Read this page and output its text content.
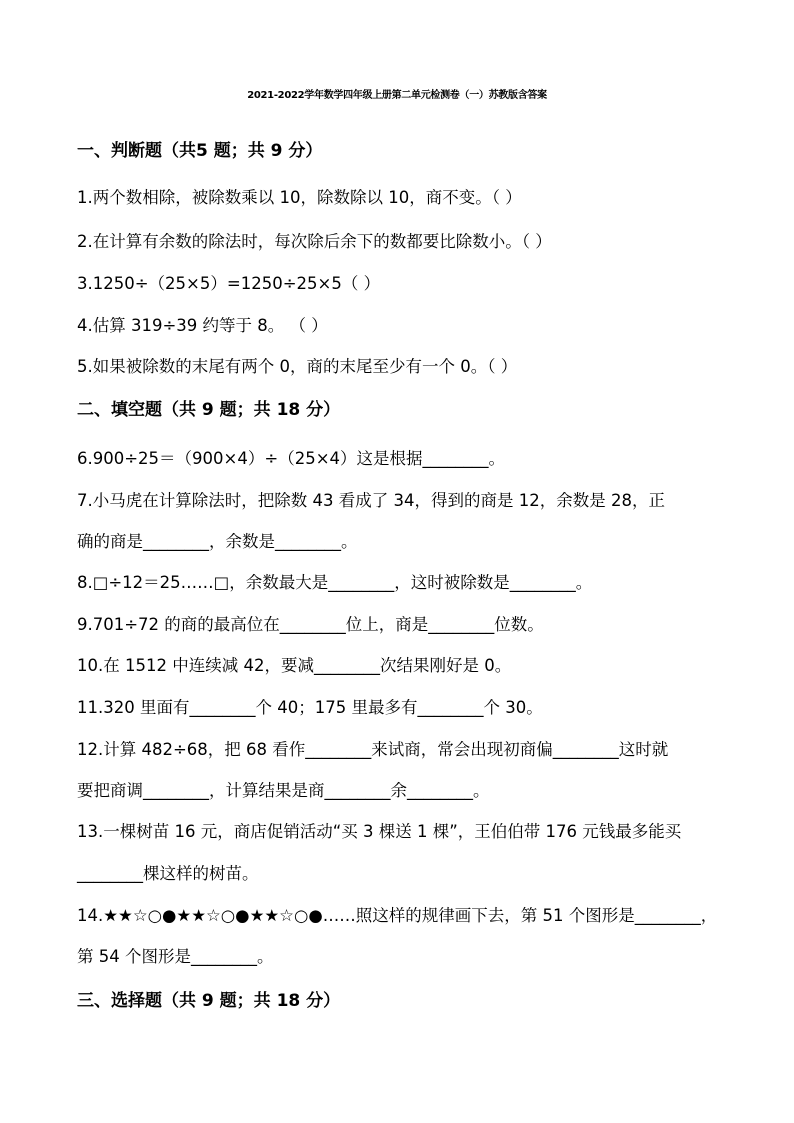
2021-2022学年数学四年级上册第二单元检测卷（一）苏教版含答案
一、判断题（共5 题；共 9 分）
1.两个数相除，被除数乘以 10，除数除以 10，商不变。（ ）
2.在计算有余数的除法时，每次除后余下的数都要比除数小。（ ）
3.1250÷（25×5）=1250÷25×5（ ）
4.估算 319÷39 约等于 8。 （ ）
5.如果被除数的末尾有两个 0，商的末尾至少有一个 0。（ ）
二、填空题（共 9 题；共 18 分）
6.900÷25＝（900×4）÷（25×4）这是根据________。
7.小马虎在计算除法时，把除数 43 看成了 34，得到的商是 12，余数是 28，正
确的商是________，余数是________。
8.□÷12＝25……□，余数最大是________，这时被除数是________。
9.701÷72 的商的最高位在________位上，商是________位数。
10.在 1512 中连续减 42，要减________次结果刚好是 0。
11.320 里面有________个 40；175 里最多有________个 30。
12.计算 482÷68，把 68 看作________来试商，常会出现初商偏________这时就
要把商调________，计算结果是商________余________。
13.一棵树苗 16 元，商店促销活动“买 3 棵送 1 棵”，王伯伯带 176 元钱最多能买
________棵这样的树苗。
14.★★☆○●★★☆○●★★☆○●……照这样的规律画下去，第 51 个图形是________，
第 54 个图形是________。
三、选择题（共 9 题；共 18 分）
